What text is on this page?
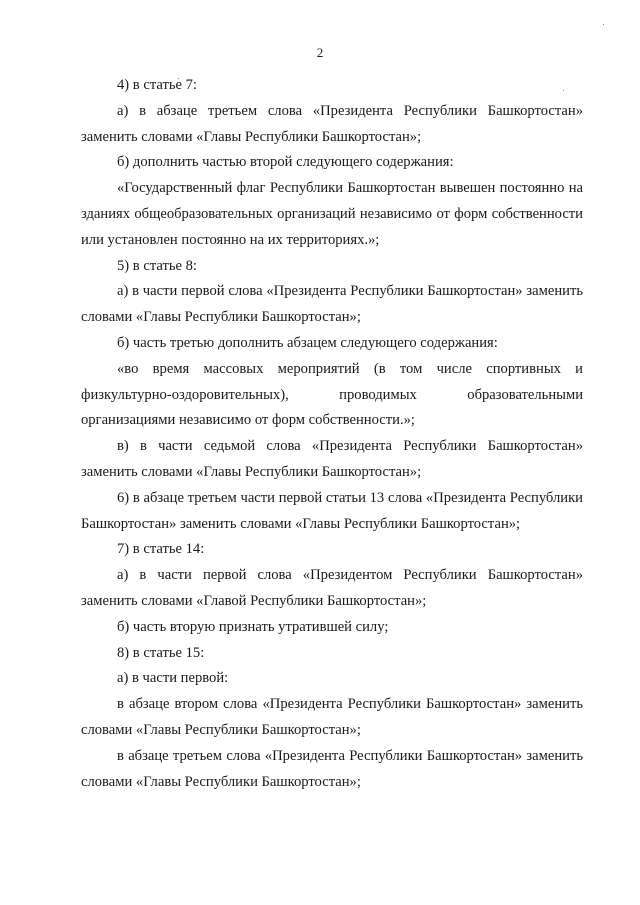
2

4) в статье 7:

а) в абзаце третьем слова «Президента Республики Башкортостан» заменить словами «Главы Республики Башкортостан»;

б) дополнить частью второй следующего содержания:

«Государственный флаг Республики Башкортостан вывешен постоянно на зданиях общеобразовательных организаций независимо от форм собственности или установлен постоянно на их территориях.»;

5) в статье 8:

а) в части первой слова «Президента Республики Башкортостан» заменить словами «Главы Республики Башкортостан»;

б) часть третью дополнить абзацем следующего содержания:

«во время массовых мероприятий (в том числе спортивных и физкультурно-оздоровительных), проводимых образовательными организациями независимо от форм собственности.»;

в) в части седьмой слова «Президента Республики Башкортостан» заменить словами «Главы Республики Башкортостан»;

6) в абзаце третьем части первой статьи 13 слова «Президента Республики Башкортостан» заменить словами «Главы Республики Башкортостан»;

7) в статье 14:

а) в части первой слова «Президентом Республики Башкортостан» заменить словами «Главой Республики Башкортостан»;

б) часть вторую признать утратившей силу;

8) в статье 15:

а) в части первой:

в абзаце втором слова «Президента Республики Башкортостан» заменить словами «Главы Республики Башкортостан»;

в абзаце третьем слова «Президента Республики Башкортостан» заменить словами «Главы Республики Башкортостан»;
